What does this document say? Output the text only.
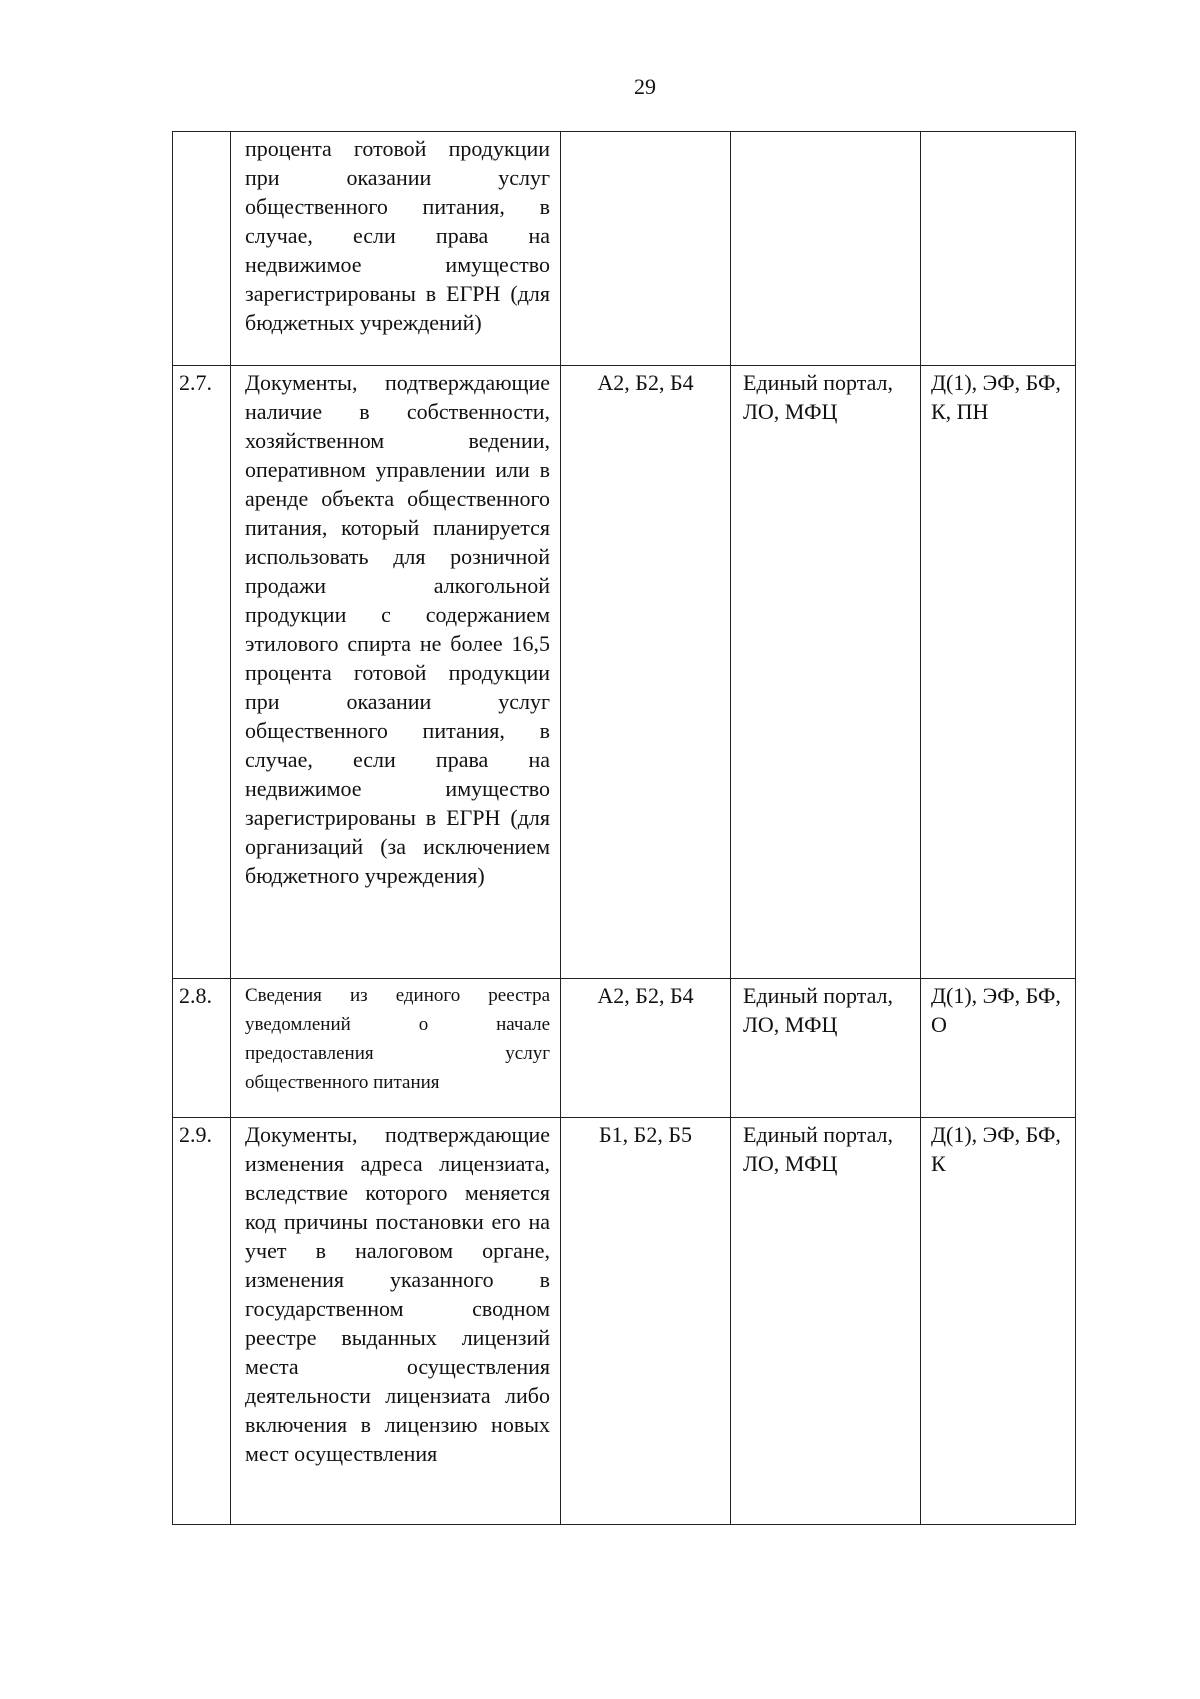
29

	процента готовой продукции при оказании услуг общественного питания, в случае, если права на недвижимое имущество зарегистрированы в ЕГРН (для бюджетных учреждений)			

2.7.	Документы, подтверждающие наличие в собственности, хозяйственном ведении, оперативном управлении или в аренде объекта общественного питания, который планируется использовать для розничной продажи алкогольной продукции с содержанием этилового спирта не более 16,5 процента готовой продукции при оказании услуг общественного питания, в случае, если права на недвижимое имущество зарегистрированы в ЕГРН (для организаций (за исключением бюджетного учреждения)	А2, Б2, Б4	Единый портал, ЛО, МФЦ	Д(1), ЭФ, БФ, К, ПН
2.8.	Сведения из единого реестра уведомлений о начале предоставления услуг общественного питания	А2, Б2, Б4	Единый портал, ЛО, МФЦ	Д(1), ЭФ, БФ, О
2.9.	Документы, подтверждающие изменения адреса лицензиата, вследствие которого меняется код причины постановки его на учет в налоговом органе, изменения указанного в государственном сводном реестре выданных лицензий места осуществления деятельности лицензиата либо включения в лицензию новых мест осуществления	Б1, Б2, Б5	Единый портал, ЛО, МФЦ	Д(1), ЭФ, БФ, К
